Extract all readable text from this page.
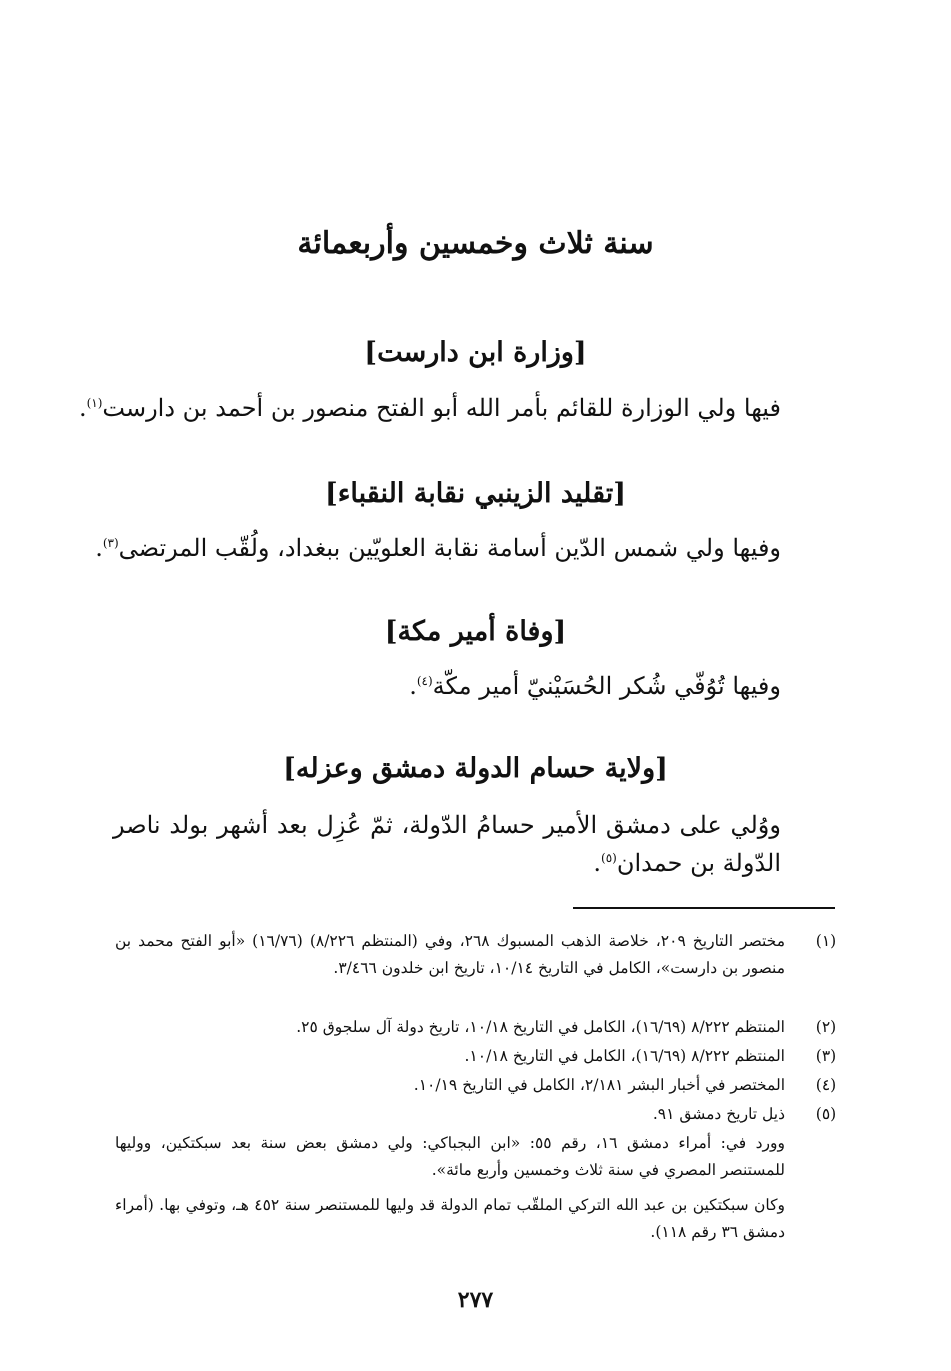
سنة ثلاث وخمسين وأربعمائة
[وزارة ابن دارست]
فيها ولي الوزارة للقائم بأمر الله أبو الفتح منصور بن أحمد بن دارست$^{(١)}$.
[تقليد الزينبي نقابة النقباء]
وفيها ولي شمس الدّين أسامة نقابة العلويّين ببغداد، ولُقّب المرتضى$^{(٣)}$.
[وفاة أمير مكة]
وفيها تُوُفّي شُكر الحُسَيْنيّ أمير مكّة$^{(٤)}$.
[ولاية حسام الدولة دمشق وعزله]
ووُلي على دمشق الأمير حسامُ الدّولة، ثمّ عُزِل بعد أشهر بولد ناصر الدّولة بن حمدان$^{(٥)}$.
(١)
مختصر التاريخ ٢٠٩، خلاصة الذهب المسبوك ٢٦٨، وفي (المنتظم ٨/٢٢٦) (١٦/٧٦) «أبو الفتح محمد بن منصور بن دارست»، الكامل في التاريخ ١٠/١٤، تاريخ ابن خلدون ٣/٤٦٦.
(٢)
المنتظم ٨/٢٢٢ (١٦/٦٩)، الكامل في التاريخ ١٠/١٨، تاريخ دولة آل سلجوق ٢٥.
(٣)
المنتظم ٨/٢٢٢ (١٦/٦٩)، الكامل في التاريخ ١٠/١٨.
(٤)
المختصر في أخبار البشر ٢/١٨١، الكامل في التاريخ ١٠/١٩.
(٥)
ذيل تاريخ دمشق ٩١.
وورد في: أمراء دمشق ١٦، رقم ٥٥: «ابن البجباكي: ولي دمشق بعض سنة بعد سبكتكين، ووليها للمستنصر المصري في سنة ثلاث وخمسين وأربع مائة».
وكان سبكتكين بن عبد الله التركي الملقّب تمام الدولة قد وليها للمستنصر سنة ٤٥٢ هـ، وتوفي بها. (أمراء دمشق ٣٦ رقم ١١٨).
٢٧٧
